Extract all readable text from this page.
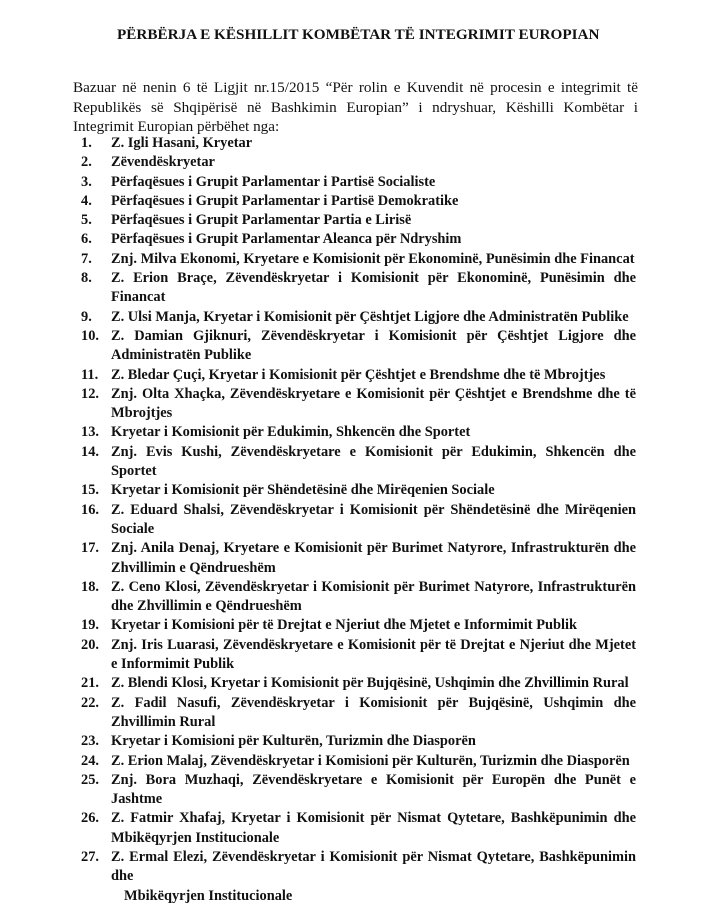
PËRBËRJA E KËSHILLIT KOMBËTAR TË INTEGRIMIT EUROPIAN
Bazuar në nenin 6 të Ligjit nr.15/2015 “Për rolin e Kuvendit në procesin e integrimit të Republikës së Shqipërisë në Bashkimin Europian” i ndryshuar, Këshilli Kombëtar i Integrimit Europian përbëhet nga:
1. Z. Igli Hasani, Kryetar
2. Zëvendëskryetar
3. Përfaqësues i Grupit Parlamentar i Partisë Socialiste
4. Përfaqësues i Grupit Parlamentar i Partisë Demokratike
5. Përfaqësues i Grupit Parlamentar Partia e Lirisë
6. Përfaqësues i Grupit Parlamentar Aleanca për Ndryshim
7. Znj. Milva Ekonomi, Kryetare e Komisionit për Ekonominë, Punësimin dhe Financat
8. Z. Erion Braçe, Zëvendëskryetar i Komisionit për Ekonominë, Punësimin dhe Financat
9. Z. Ulsi Manja, Kryetar i Komisionit për Çështjet Ligjore dhe Administratën Publike
10. Z. Damian Gjiknuri, Zëvendëskryetar i Komisionit për Çështjet Ligjore dhe Administratën Publike
11. Z. Bledar Çuçi, Kryetar i Komisionit për Çështjet e Brendshme dhe të Mbrojtjes
12. Znj. Olta Xhaçka, Zëvendëskryetare e Komisionit për Çështjet e Brendshme dhe të Mbrojtjes
13. Kryetar i Komisionit për Edukimin, Shkencën dhe Sportet
14. Znj. Evis Kushi, Zëvendëskryetare e Komisionit për Edukimin, Shkencën dhe Sportet
15. Kryetar i Komisionit për Shëndetësinë dhe Mirëqenien Sociale
16. Z. Eduard Shalsi, Zëvendëskryetar i Komisionit për Shëndetësinë dhe Mirëqenien Sociale
17. Znj. Anila Denaj, Kryetare e Komisionit për Burimet Natyrore, Infrastrukturën dhe Zhvillimin e Qëndrueshëm
18. Z. Ceno Klosi, Zëvendëskryetar i Komisionit për Burimet Natyrore, Infrastrukturën dhe Zhvillimin e Qëndrueshëm
19. Kryetar i Komisioni për të Drejtat e Njeriut dhe Mjetet e Informimit Publik
20. Znj. Iris Luarasi, Zëvendëskryetare e Komisionit për të Drejtat e Njeriut dhe Mjetet e Informimit Publik
21. Z. Blendi Klosi, Kryetar i Komisionit për Bujqësinë, Ushqimin dhe Zhvillimin Rural
22. Z. Fadil Nasufi, Zëvendëskryetar i Komisionit për Bujqësinë, Ushqimin dhe Zhvillimin Rural
23. Kryetar i Komisioni për Kulturën, Turizmin dhe Diasporën
24. Z. Erion Malaj, Zëvendëskryetar i Komisioni për Kulturën, Turizmin dhe Diasporën
25. Znj. Bora Muzhaqi, Zëvendëskryetare e Komisionit për Europën dhe Punët e Jashtme
26. Z. Fatmir Xhafaj, Kryetar i Komisionit për Nismat Qytetare, Bashkëpunimin dhe Mbikëqyrjen Institucionale
27. Z. Ermal Elezi, Zëvendëskryetar i Komisionit për Nismat Qytetare, Bashkëpunimin dhe
Mbikëqyrjen Institucionale
